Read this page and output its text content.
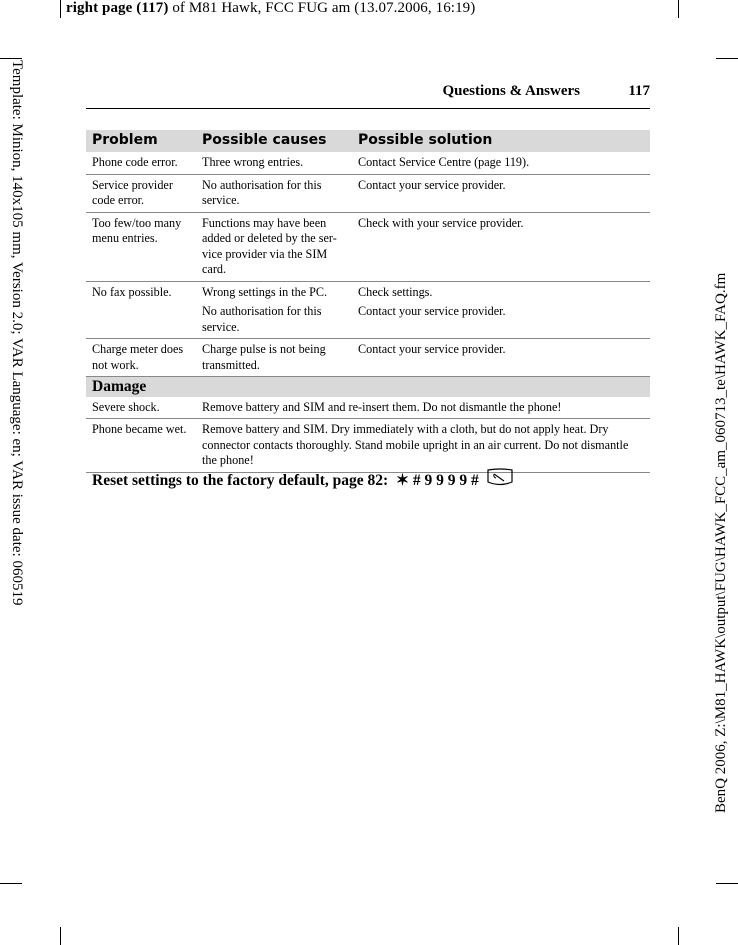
right page (117) of M81 Hawk, FCC FUG am (13.07.2006, 16:19)
Template: Minion, 140x105 mm, Version 2.0; VAR Language: en; VAR issue date: 060519	BenQ 2006, Z:\M81_HAWK\output\FUG\HAWK_FCC_am_060713_te\HAWK_FAQ.fm
Questions & Answers	117
Problem	Possible causes	Possible solution
Phone code error.	Three wrong entries.	Contact Service Centre (page 119).
Service provider code error.	No authorisation for this service.	Contact your service provider.
Too few/too many menu entries.	Functions may have been added or deleted by the ser-vice provider via the SIM card.	Check with your service provider.
No fax possible.	Wrong settings in the PC.	Check settings.
	No authorisation for this service.	Contact your service provider.
Charge meter does not work.	Charge pulse is not being transmitted.	Contact your service provider.
Damage		
Severe shock.	Remove battery and SIM and re-insert them. Do not dismantle the phone!	
Phone became wet.	Remove battery and SIM. Dry immediately with a cloth, but do not apply heat. Dry connector contacts thoroughly. Stand mobile upright in an air current. Do not dismantle the phone!	
Reset settings to the factory default, page 82: ✶ # 9 9 9 9 #
